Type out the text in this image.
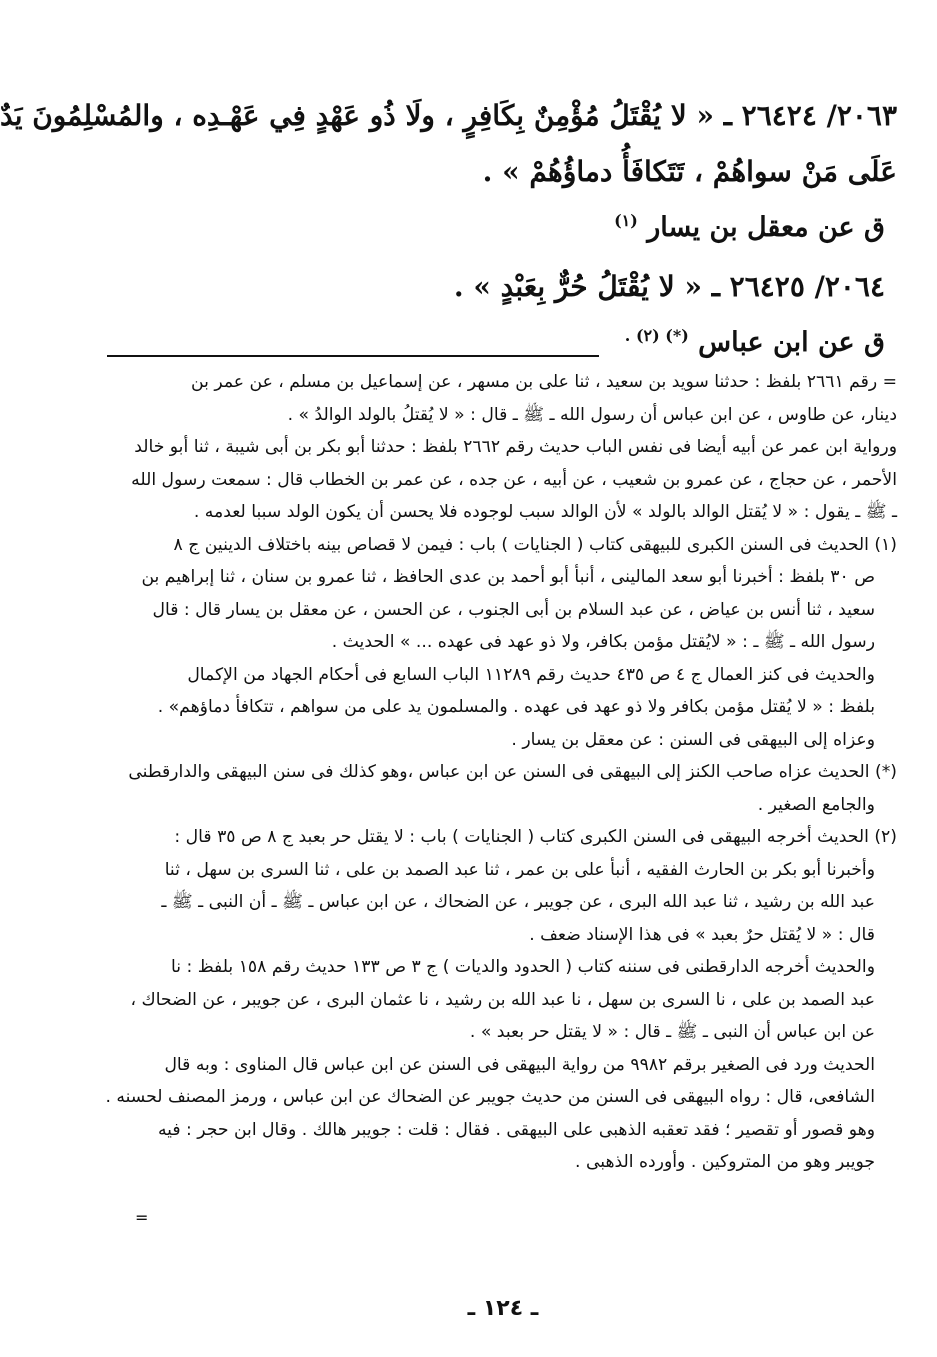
٢٠٦٣/ ٢٦٤٢٤ ـ « لا يُقْتَلُ مُؤْمِنٌ بِكَافِرٍ ، ولَا ذُو عَهْدٍ فِي عَهْـدِه ، والمُسْلِمُونَ يَدٌ
عَلَى مَنْ سواهُمْ ، تَتَكافَأُ دماؤُهُمْ » .
ق عن معقل بن يسار $^{(١)}$
٢٠٦٤/ ٢٦٤٢٥ ـ « لا يُقْتَلُ حُرٌّ بِعَبْدٍ » .
ق عن ابن عباس $^{(*) (٢) .}$
= رقم ٢٦٦١ بلفظ : حدثنا سويد بن سعيد ، ثنا على بن مسهر ، عن إسماعيل بن مسلم ، عن عمر بن
دينار، عن طاوس ، عن ابن عباس أن رسول الله ـ ﷺ ـ قال : « لا يُقتلُ بالولد الوالدُ » .
ورواية ابن عمر عن أبيه أيضا فى نفس الباب حديث رقم ٢٦٦٢ بلفظ : حدثنا أبو بكر بن أبى شيبة ، ثنا أبو خالد
الأحمر ، عن حجاج ، عن عمرو بن شعيب ، عن أبيه ، عن جده ، عن عمر بن الخطاب قال : سمعت رسول الله
ـ ﷺ ـ يقول : « لا يُقتل الوالد بالولد » لأن الوالد سبب لوجوده فلا يحسن أن يكون الولد سببا لعدمه .
(١) الحديث فى السنن الكبرى للبيهقى كتاب ( الجنايات ) باب : فيمن لا قصاص بينه باختلاف الدينين ج ٨
ص ٣٠ بلفظ : أخبرنا أبو سعد المالينى ، أنبأ أبو أحمد بن عدى الحافظ ، ثنا عمرو بن سنان ، ثنا إبراهيم بن
سعيد ، ثنا أنس بن عياض ، عن عبد السلام بن أبى الجنوب ، عن الحسن ، عن معقل بن يسار قال : قال
رسول الله ـ ﷺ ـ : « لايُقتل مؤمن بكافر، ولا ذو عهد فى عهده ... » الحديث .
والحديث فى كنز العمال ج ٤ ص ٤٣٥ حديث رقم ١١٢٨٩ الباب السابع فى أحكام الجهاد من الإكمال
بلفظ : « لا يُقتل مؤمن بكافر ولا ذو عهد فى عهده . والمسلمون يد على من سواهم ، تتكافأ دماؤهم» .
وعزاه إلى البيهقى فى السنن : عن معقل بن يسار .
(*) الحديث عزاه صاحب الكنز إلى البيهقى فى السنن عن ابن عباس ،وهو كذلك فى سنن البيهقى والدارقطنى
والجامع الصغير .
(٢) الحديث أخرجه البيهقى فى السنن الكبرى كتاب ( الجنايات ) باب : لا يقتل حر بعبد ج ٨ ص ٣٥ قال :
وأخبرنا أبو بكر بن الحارث الفقيه ، أنبأ على بن عمر ، ثنا عبد الصمد بن على ، ثنا السرى بن سهل ، ثنا
عبد الله بن رشيد ، ثنا عبد الله البرى ، عن جويبر ، عن الضحاك ، عن ابن عباس ـ ﷺ ـ أن النبى ـ ﷺ ـ
قال : « لا يُقتل حرٌ بعبد » فى هذا الإسناد ضعف .
والحديث أخرجه الدارقطنى فى سننه كتاب ( الحدود والديات ) ج ٣ ص ١٣٣ حديث رقم ١٥٨ بلفظ : نا
عبد الصمد بن على ، نا السرى بن سهل ، نا عبد الله بن رشيد ، نا عثمان البرى ، عن جويبر ، عن الضحاك ،
عن ابن عباس أن النبى ـ ﷺ ـ قال : « لا يقتل حر بعبد » .
الحديث ورد فى الصغير برقم ٩٩٨٢ من رواية البيهقى فى السنن عن ابن عباس قال المناوى : وبه قال
الشافعى، قال : رواه البيهقى فى السنن من حديث جويبر عن الضحاك عن ابن عباس ، ورمز المصنف لحسنه .
وهو قصور أو تقصير ؛ فقد تعقبه الذهبى على البيهقى . فقال : قلت : جويبر هالك . وقال ابن حجر : فيه
جويبر وهو من المتروكين . وأورده الذهبى .
=
ـ ١٢٤ ـ
